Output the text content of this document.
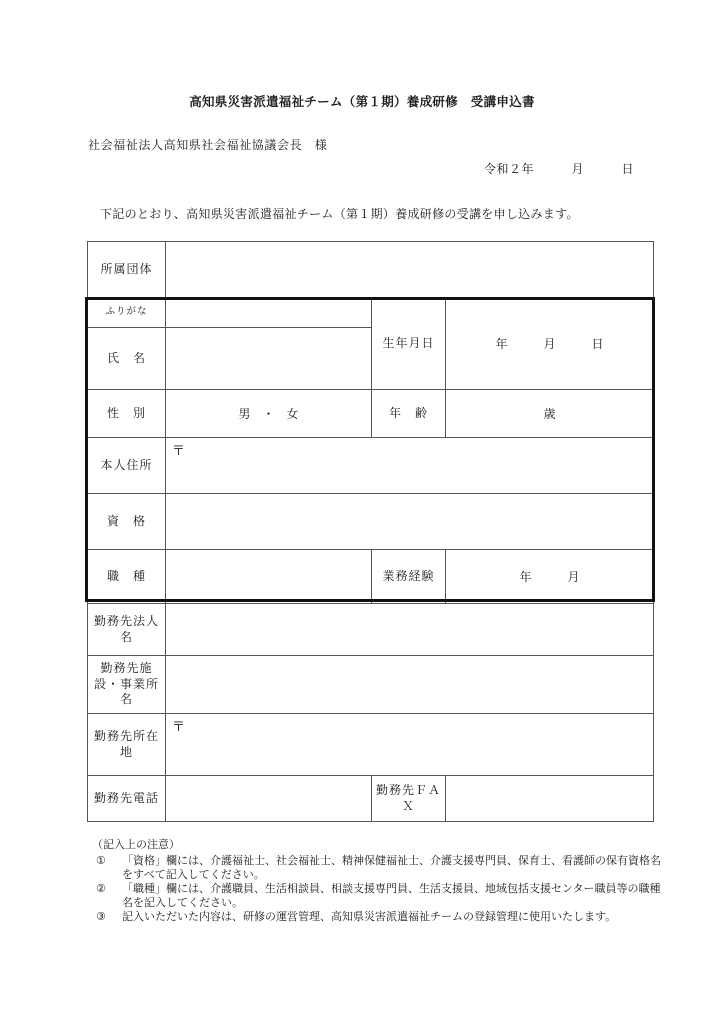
高知県災害派遣福祉チーム（第１期）養成研修　受講申込書
社会福祉法人高知県社会福祉協議会長　様
令和２年　　　月　　　日
下記のとおり、高知県災害派遣福祉チーム（第１期）養成研修の受講を申し込みます。
所属団体			
ふりがな		生年月日	年　　　月　　　日
氏　名			
性　別	男　・　女	年　齢	歳
本人住所	〒		

資　格			
職　種		業務経験	年　　　月
勤務先法人名			
勤務先施設・事業所名			
勤務先所在地	〒		

勤務先電話		勤務先ＦＡＸ	
（記入上の注意）
①	「資格」欄には、介護福祉士、社会福祉士、精神保健福祉士、介護支援専門員、保育士、看護師の保有資格名をすべて記入してください。
②	「職種」欄には、介護職員、生活相談員、相談支援専門員、生活支援員、地域包括支援センター職員等の職種名を記入してください。
③	記入いただいた内容は、研修の運営管理、高知県災害派遣福祉チームの登録管理に使用いたします。
